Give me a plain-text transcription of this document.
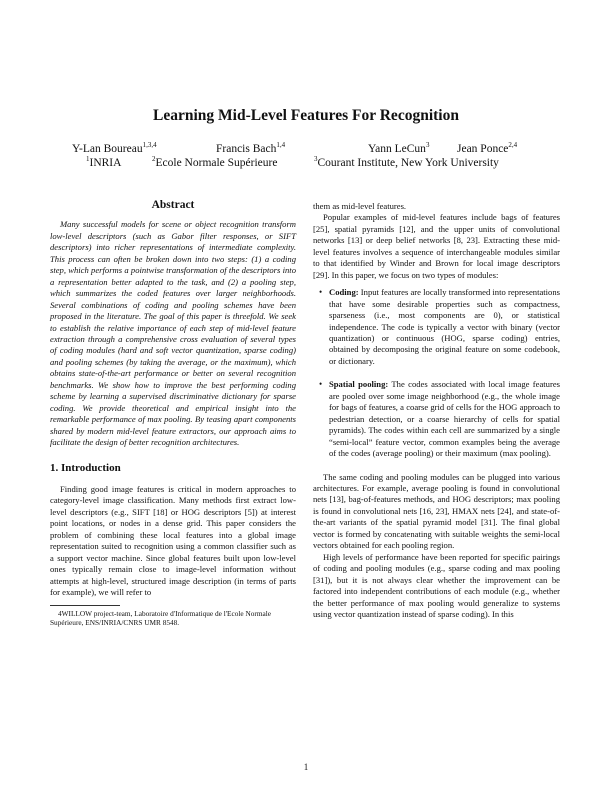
Learning Mid-Level Features For Recognition
Y-Lan Boureau$^{1,3,4}$	Francis Bach$^{1,4}$	Yann LeCun$^3$ Jean Ponce$^{2,4}$
$^1$INRIA	$^2$Ecole Normale Supérieure	$^3$Courant Institute, New York University
Abstract

Many successful models for scene or object recognition transform low-level descriptors (such as Gabor filter responses, or SIFT descriptors) into richer representations of intermediate complexity. This process can often be broken down into two steps: (1) a coding step, which performs a pointwise transformation of the descriptors into a representation better adapted to the task, and (2) a pooling step, which summarizes the coded features over larger neighborhoods. Several combinations of coding and pooling schemes have been proposed in the literature. The goal of this paper is threefold. We seek to establish the relative importance of each step of mid-level feature extraction through a comprehensive cross evaluation of several types of coding modules (hard and soft vector quantization, sparse coding) and pooling schemes (by taking the average, or the maximum), which obtains state-of-the-art performance or better on several recognition benchmarks. We show how to improve the best performing coding scheme by learning a supervised discriminative dictionary for sparse coding. We provide theoretical and empirical insight into the remarkable performance of max pooling. By teasing apart components shared by modern mid-level feature extractors, our approach aims to facilitate the design of better recognition architectures.

1. Introduction

Finding good image features is critical in modern approaches to category-level image classification. Many methods first extract low-level descriptors (e.g., SIFT [18] or HOG descriptors [5]) at interest point locations, or nodes in a dense grid. This paper considers the problem of combining these local features into a global image representation suited to recognition using a common classifier such as a support vector machine. Since global features built upon low-level ones typically remain close to image-level information without attempts at high-level, structured image description (in terms of parts for example), we will refer to

4WILLOW project-team, Laboratoire d'Informatique de l'Ecole Normale Supérieure, ENS/INRIA/CNRS UMR 8548.

them as mid-level features.

Popular examples of mid-level features include bags of features [25], spatial pyramids [12], and the upper units of convolutional networks [13] or deep belief networks [8, 23]. Extracting these mid-level features involves a sequence of interchangeable modules similar to that identified by Winder and Brown for local image descriptors [29]. In this paper, we focus on two types of modules:

• Coding: Input features are locally transformed into representations that have some desirable properties such as compactness, sparseness (i.e., most components are 0), or statistical independence. The code is typically a vector with binary (vector quantization) or continuous (HOG, sparse coding) entries, obtained by decomposing the original feature on some codebook, or dictionary.
• Spatial pooling: The codes associated with local image features are pooled over some image neighborhood (e.g., the whole image for bags of features, a coarse grid of cells for the HOG approach to pedestrian detection, or a coarse hierarchy of cells for spatial pyramids). The codes within each cell are summarized by a single “semi-local” feature vector, common examples being the average of the codes (average pooling) or their maximum (max pooling).

The same coding and pooling modules can be plugged into various architectures. For example, average pooling is found in convolutional nets [13], bag-of-features methods, and HOG descriptors; max pooling is found in convolutional nets [16, 23], HMAX nets [24], and state-of-the-art variants of the spatial pyramid model [31]. The final global vector is formed by concatenating with suitable weights the semi-local vectors obtained for each pooling region.

High levels of performance have been reported for specific pairings of coding and pooling modules (e.g., sparse coding and max pooling [31]), but it is not always clear whether the improvement can be factored into independent contributions of each module (e.g., whether the better performance of max pooling would generalize to systems using vector quantization instead of sparse coding). In this

1
